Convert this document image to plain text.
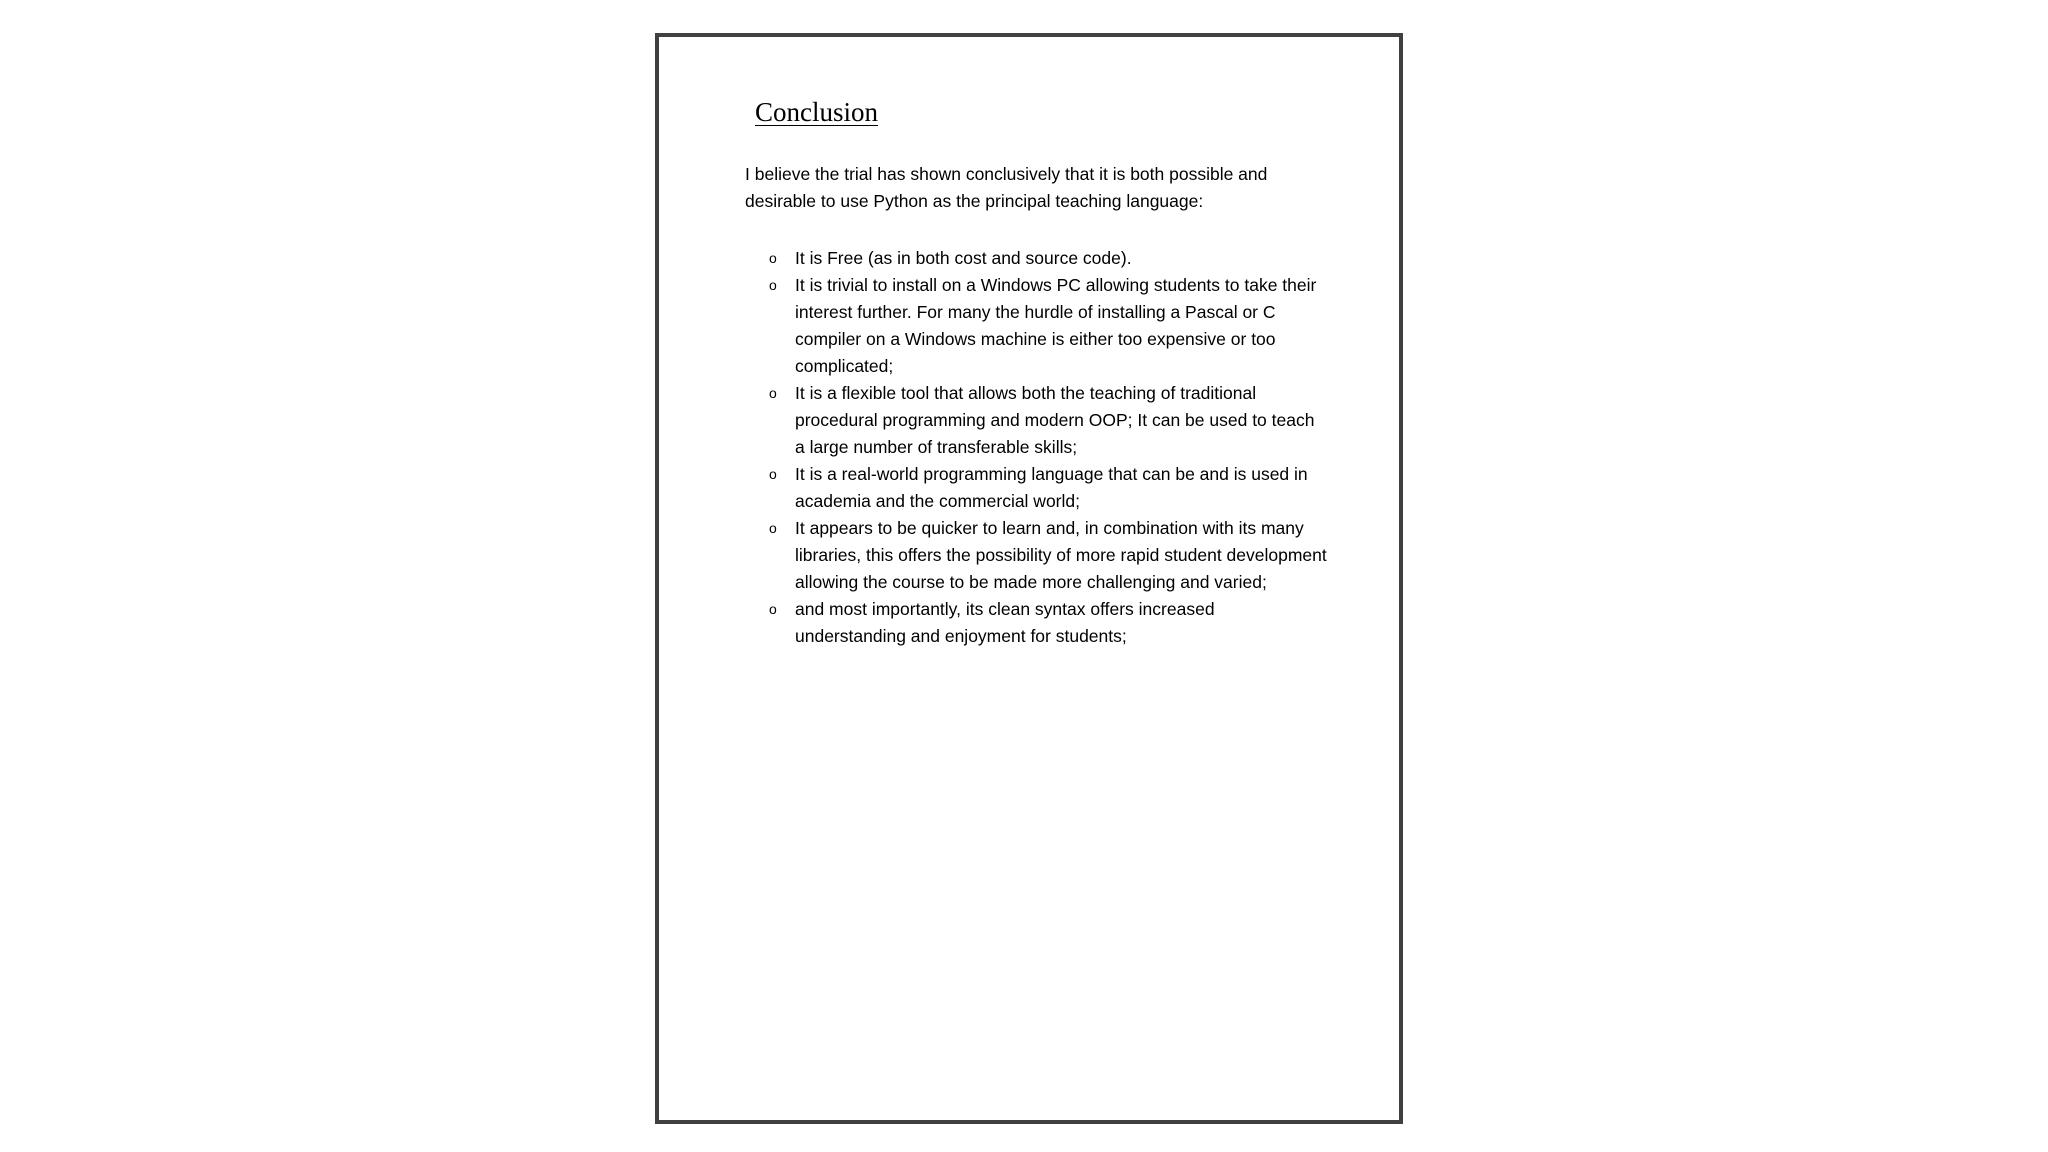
Conclusion

I believe the trial has shown conclusively that it is both possible and desirable to use Python as the principal teaching language:

o It is Free (as in both cost and source code).
o It is trivial to install on a Windows PC allowing students to take their interest further. For many the hurdle of installing a Pascal or C compiler on a Windows machine is either too expensive or too complicated;
o It is a flexible tool that allows both the teaching of traditional procedural programming and modern OOP; It can be used to teach a large number of transferable skills;
o It is a real-world programming language that can be and is used in academia and the commercial world;
o It appears to be quicker to learn and, in combination with its many libraries, this offers the possibility of more rapid student development allowing the course to be made more challenging and varied;
o and most importantly, its clean syntax offers increased understanding and enjoyment for students;
